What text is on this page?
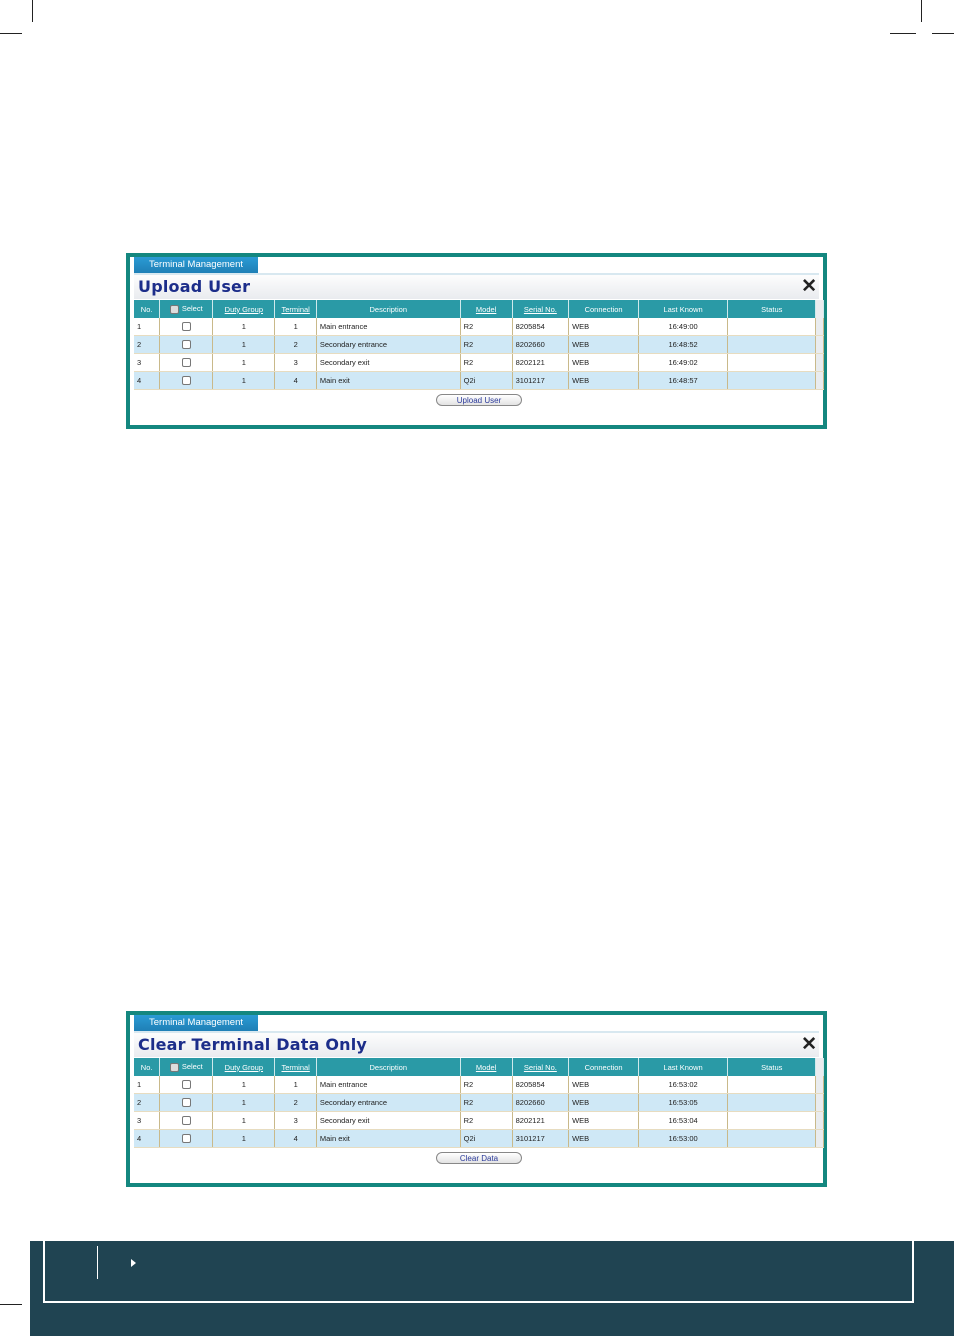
Terminal Management
Upload User	✕
No.	Select	Duty Group	Terminal	Description	Model	Serial No.	Connection	Last Known	Status	
1		1	1	Main entrance	R2	8205854	WEB	16:49:00		
2		1	2	Secondary entrance	R2	8202660	WEB	16:48:52		
3		1	3	Secondary exit	R2	8202121	WEB	16:49:02		
4		1	4	Main exit	Q2i	3101217	WEB	16:48:57		
Upload User
Terminal Management
Clear Terminal Data Only	✕
No.	Select	Duty Group	Terminal	Description	Model	Serial No.	Connection	Last Known	Status	
1		1	1	Main entrance	R2	8205854	WEB	16:53:02		
2		1	2	Secondary entrance	R2	8202660	WEB	16:53:05		
3		1	3	Secondary exit	R2	8202121	WEB	16:53:04		
4		1	4	Main exit	Q2i	3101217	WEB	16:53:00		
Clear Data
